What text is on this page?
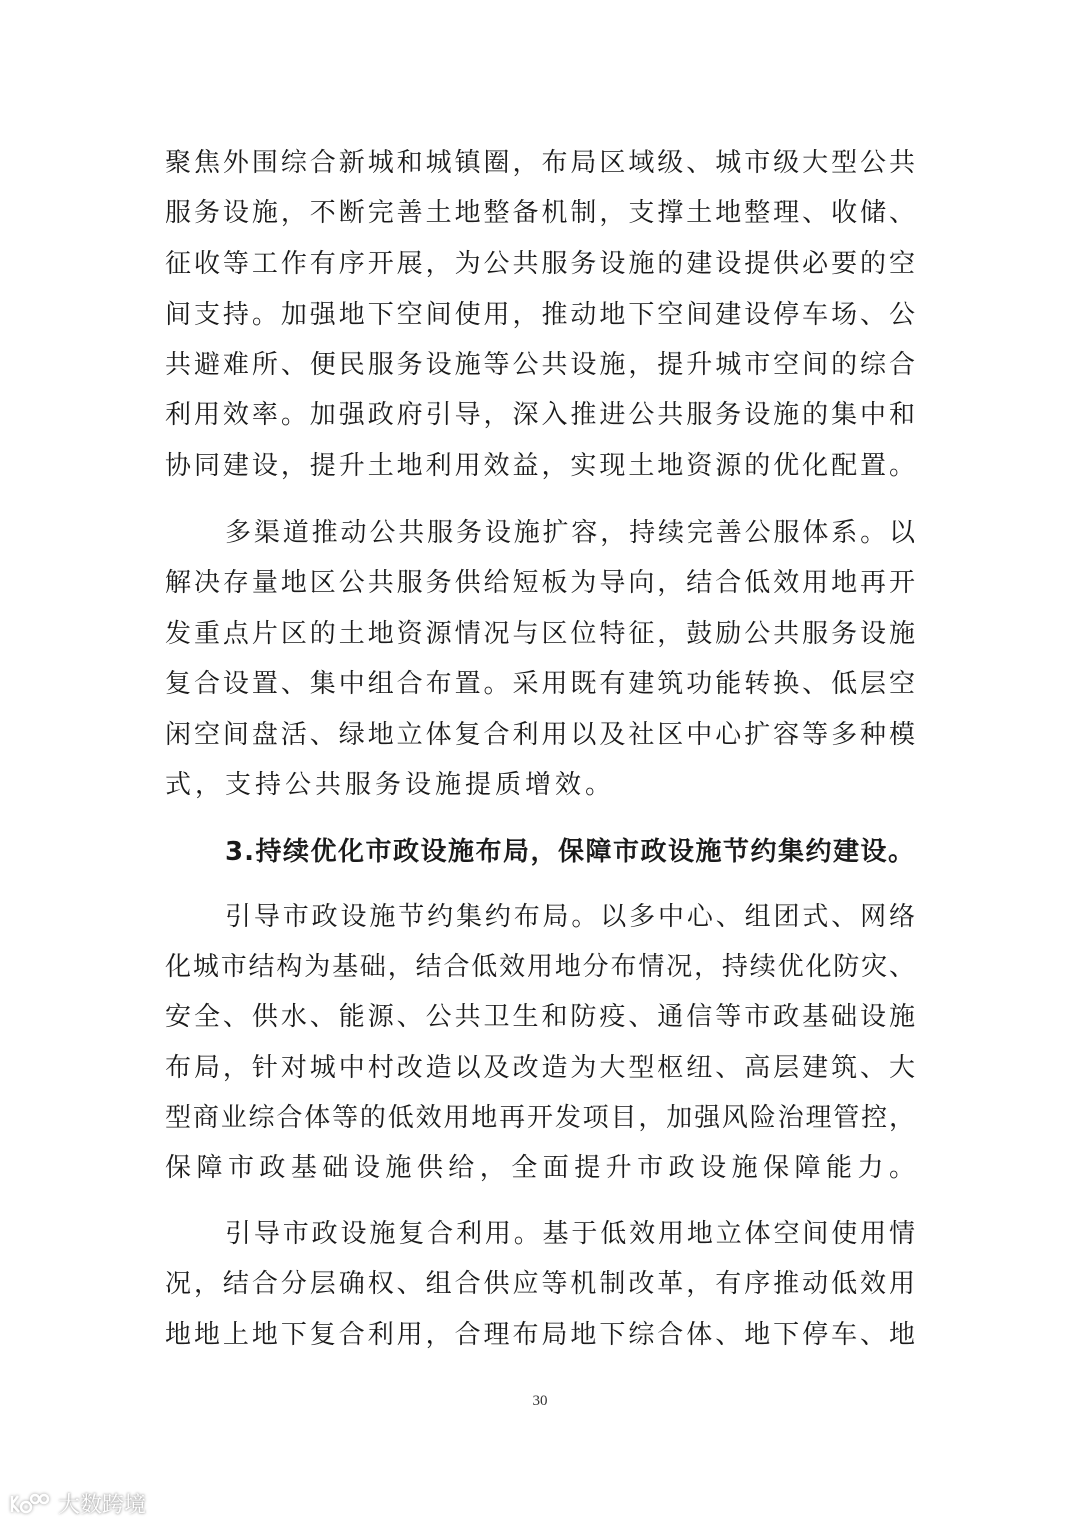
聚焦外围综合新城和城镇圈，布局区域级、城市级大型公共
服务设施，不断完善土地整备机制，支撑土地整理、收储、
征收等工作有序开展，为公共服务设施的建设提供必要的空
间支持。加强地下空间使用，推动地下空间建设停车场、公
共避难所、便民服务设施等公共设施，提升城市空间的综合
利用效率。加强政府引导，深入推进公共服务设施的集中和
协同建设，提升土地利用效益，实现土地资源的优化配置。
多渠道推动公共服务设施扩容，持续完善公服体系。以
解决存量地区公共服务供给短板为导向，结合低效用地再开
发重点片区的土地资源情况与区位特征，鼓励公共服务设施
复合设置、集中组合布置。采用既有建筑功能转换、低层空
闲空间盘活、绿地立体复合利用以及社区中心扩容等多种模
式，支持公共服务设施提质增效。
3.持续优化市政设施布局，保障市政设施节约集约建设。
引导市政设施节约集约布局。以多中心、组团式、网络
化城市结构为基础，结合低效用地分布情况，持续优化防灾、
安全、供水、能源、公共卫生和防疫、通信等市政基础设施
布局，针对城中村改造以及改造为大型枢纽、高层建筑、大
型商业综合体等的低效用地再开发项目，加强风险治理管控，
保障市政基础设施供给，全面提升市政设施保障能力。
引导市政设施复合利用。基于低效用地立体空间使用情
况，结合分层确权、组合供应等机制改革，有序推动低效用
地地上地下复合利用，合理布局地下综合体、地下停车、地
30
大数跨境
